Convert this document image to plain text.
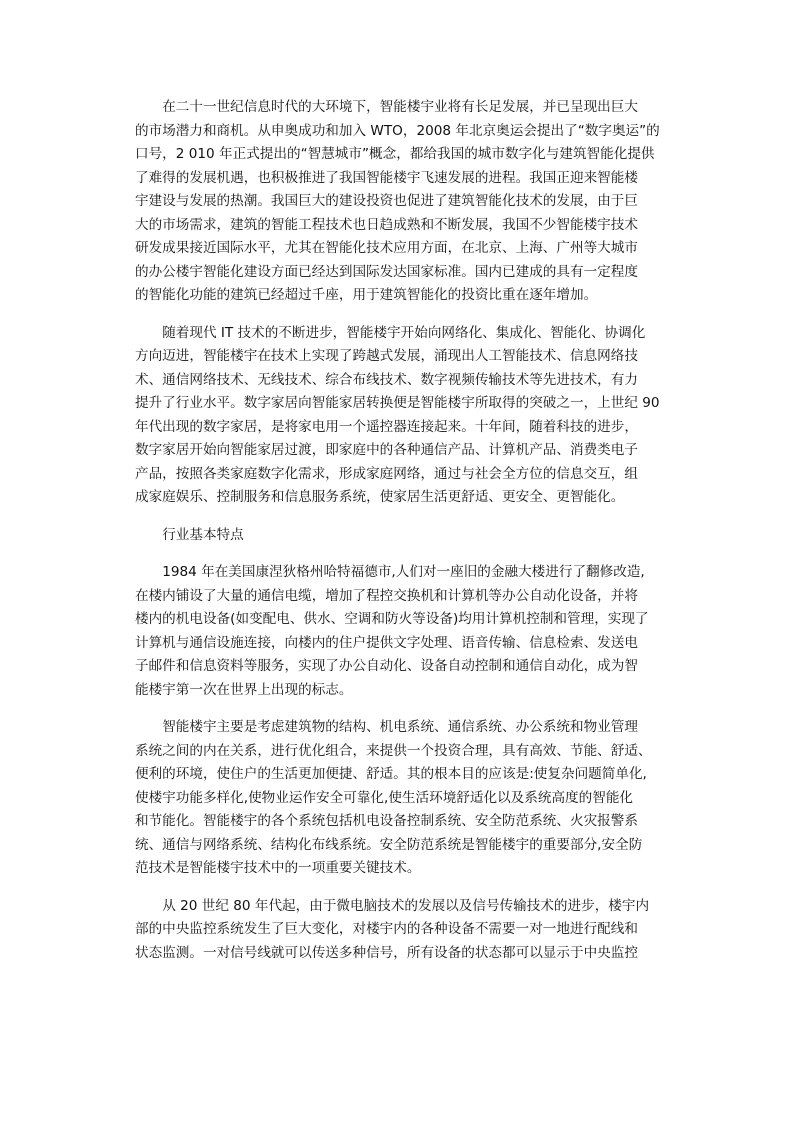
在二十一世纪信息时代的大环境下，智能楼宇业将有长足发展，并已呈现出巨大
的市场潜力和商机。从申奥成功和加入 WTO，2008 年北京奥运会提出了“数字奥运”的
口号，2 010 年正式提出的“智慧城市”概念，都给我国的城市数字化与建筑智能化提供
了难得的发展机遇，也积极推进了我国智能楼宇飞速发展的进程。我国正迎来智能楼
宇建设与发展的热潮。我国巨大的建设投资也促进了建筑智能化技术的发展，由于巨
大的市场需求，建筑的智能工程技术也日趋成熟和不断发展，我国不少智能楼宇技术
研发成果接近国际水平，尤其在智能化技术应用方面，在北京、上海、广州等大城市
的办公楼宇智能化建设方面已经达到国际发达国家标准。国内已建成的具有一定程度
的智能化功能的建筑已经超过千座，用于建筑智能化的投资比重在逐年增加。
随着现代 IT 技术的不断进步，智能楼宇开始向网络化、集成化、智能化、协调化
方向迈进，智能楼宇在技术上实现了跨越式发展，涌现出人工智能技术、信息网络技
术、通信网络技术、无线技术、综合布线技术、数字视频传输技术等先进技术，有力
提升了行业水平。数字家居向智能家居转换便是智能楼宇所取得的突破之一，上世纪 90
年代出现的数字家居，是将家电用一个遥控器连接起来。十年间，随着科技的进步，
数字家居开始向智能家居过渡，即家庭中的各种通信产品、计算机产品、消费类电子
产品，按照各类家庭数字化需求，形成家庭网络，通过与社会全方位的信息交互，组
成家庭娱乐、控制服务和信息服务系统，使家居生活更舒适、更安全、更智能化。
行业基本特点
1984 年在美国康涅狄格州哈特福德市,人们对一座旧的金融大楼进行了翻修改造,
在楼内铺设了大量的通信电缆，增加了程控交换机和计算机等办公自动化设备，并将
楼内的机电设备(如变配电、供水、空调和防火等设备)均用计算机控制和管理，实现了
计算机与通信设施连接，向楼内的住户提供文字处理、语音传输、信息检索、发送电
子邮件和信息资料等服务，实现了办公自动化、设备自动控制和通信自动化，成为智
能楼宇第一次在世界上出现的标志。
智能楼宇主要是考虑建筑物的结构、机电系统、通信系统、办公系统和物业管理
系统之间的内在关系，进行优化组合，来提供一个投资合理，具有高效、节能、舒适、
便利的环境，使住户的生活更加便捷、舒适。其的根本目的应该是:使复杂问题简单化,
使楼宇功能多样化,使物业运作安全可靠化,使生活环境舒适化以及系统高度的智能化
和节能化。智能楼宇的各个系统包括机电设备控制系统、安全防范系统、火灾报警系
统、通信与网络系统、结构化布线系统。安全防范系统是智能楼宇的重要部分,安全防
范技术是智能楼宇技术中的一项重要关键技术。
从 20 世纪 80 年代起，由于微电脑技术的发展以及信号传输技术的进步，楼宇内
部的中央监控系统发生了巨大变化，对楼宇内的各种设备不需要一对一地进行配线和
状态监测。一对信号线就可以传送多种信号，所有设备的状态都可以显示于中央监控
